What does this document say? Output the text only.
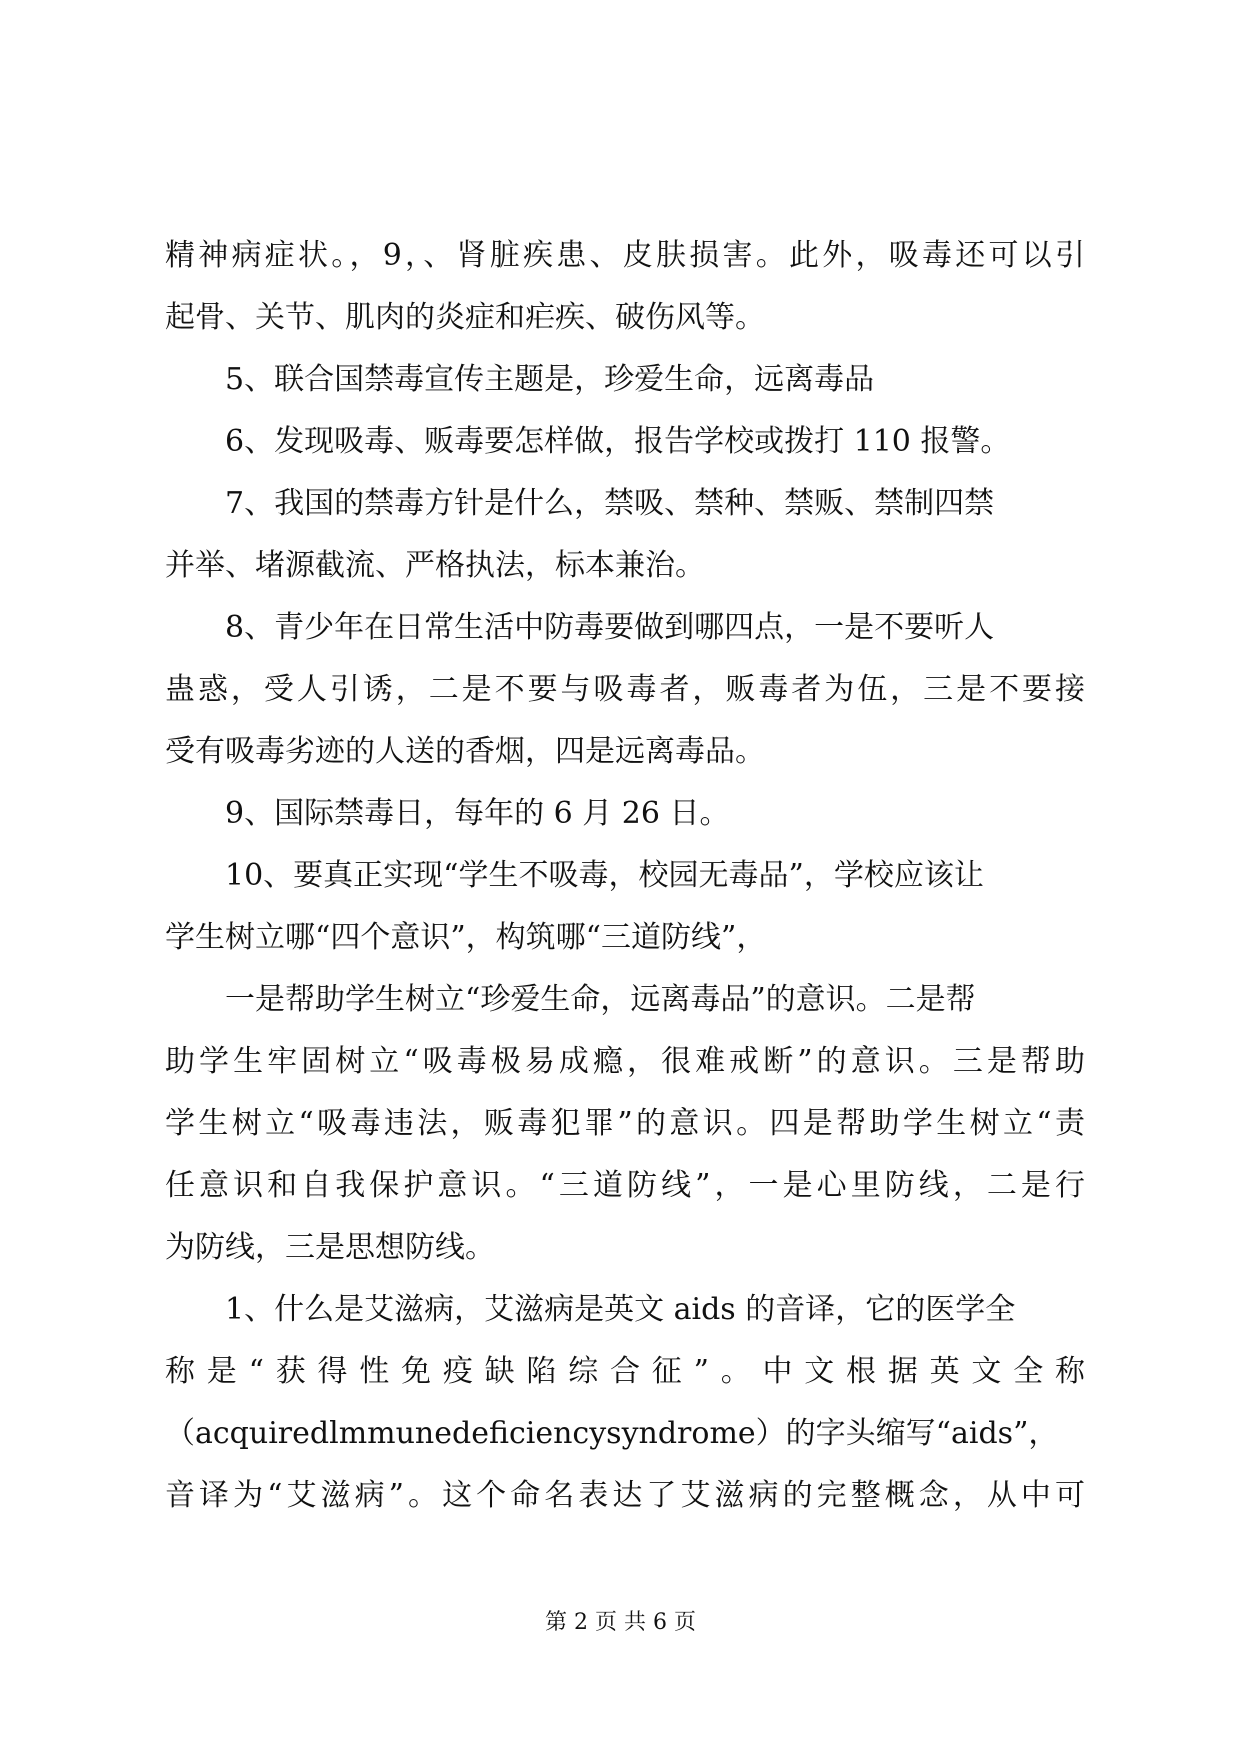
精神病症状。，9，、肾脏疾患、皮肤损害。此外，吸毒还可以引
起骨、关节、肌肉的炎症和疟疾、破伤风等。
5、联合国禁毒宣传主题是，珍爱生命，远离毒品
6、发现吸毒、贩毒要怎样做，报告学校或拨打 110 报警。
7、我国的禁毒方针是什么，禁吸、禁种、禁贩、禁制四禁
并举、堵源截流、严格执法，标本兼治。
8、青少年在日常生活中防毒要做到哪四点，一是不要听人
蛊惑，受人引诱，二是不要与吸毒者，贩毒者为伍，三是不要接
受有吸毒劣迹的人送的香烟，四是远离毒品。
9、国际禁毒日，每年的 6 月 26 日。
10、要真正实现“学生不吸毒，校园无毒品”，学校应该让
学生树立哪“四个意识”，构筑哪“三道防线”，
一是帮助学生树立“珍爱生命，远离毒品”的意识。二是帮
助学生牢固树立“吸毒极易成瘾，很难戒断”的意识。三是帮助
学生树立“吸毒违法，贩毒犯罪”的意识。四是帮助学生树立“责
任意识和自我保护意识。“三道防线”，一是心里防线，二是行
为防线，三是思想防线。
1、什么是艾滋病，艾滋病是英文 aids 的音译，它的医学全
称是“获得性免疫缺陷综合征”。中文根据英文全称
（acquiredlmmunedeficiencysyndrome）的字头缩写“aids”，
音译为“艾滋病”。这个命名表达了艾滋病的完整概念，从中可
第 2 页 共 6 页
